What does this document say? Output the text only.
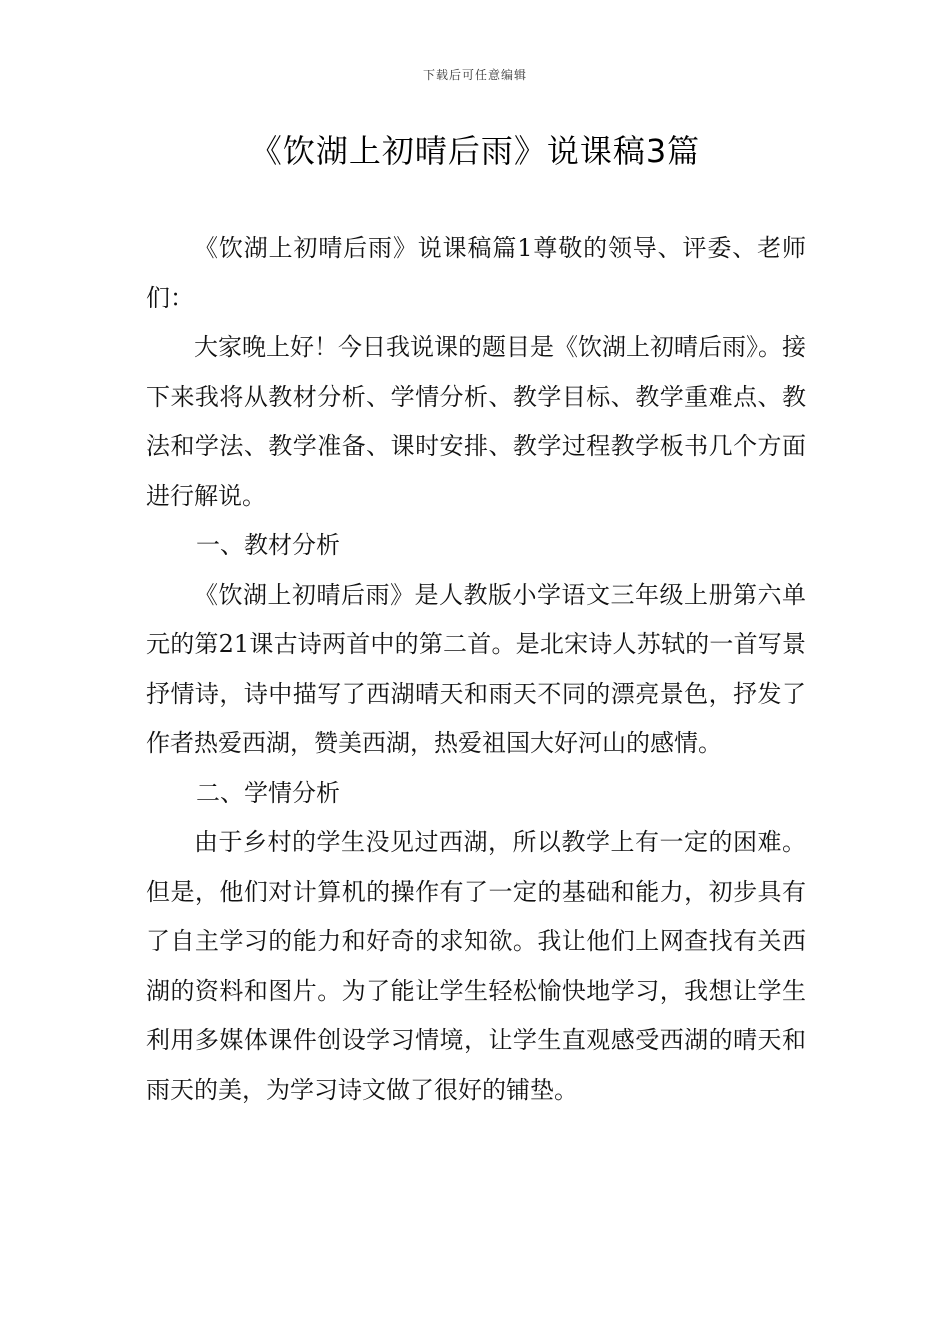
下载后可任意编辑
《饮湖上初晴后雨》说课稿3篇

《饮湖上初晴后雨》说课稿篇1尊敬的领导、评委、老师们：

大家晚上好！今日我说课的题目是《饮湖上初晴后雨》。接下来我将从教材分析、学情分析、教学目标、教学重难点、教法和学法、教学准备、课时安排、教学过程教学板书几个方面进行解说。

一、教材分析

《饮湖上初晴后雨》是人教版小学语文三年级上册第六单元的第21课古诗两首中的第二首。是北宋诗人苏轼的一首写景抒情诗，诗中描写了西湖晴天和雨天不同的漂亮景色，抒发了作者热爱西湖，赞美西湖，热爱祖国大好河山的感情。

二、学情分析

由于乡村的学生没见过西湖，所以教学上有一定的困难。但是，他们对计算机的操作有了一定的基础和能力，初步具有了自主学习的能力和好奇的求知欲。我让他们上网查找有关西湖的资料和图片。为了能让学生轻松愉快地学习，我想让学生利用多媒体课件创设学习情境，让学生直观感受西湖的晴天和雨天的美，为学习诗文做了很好的铺垫。
